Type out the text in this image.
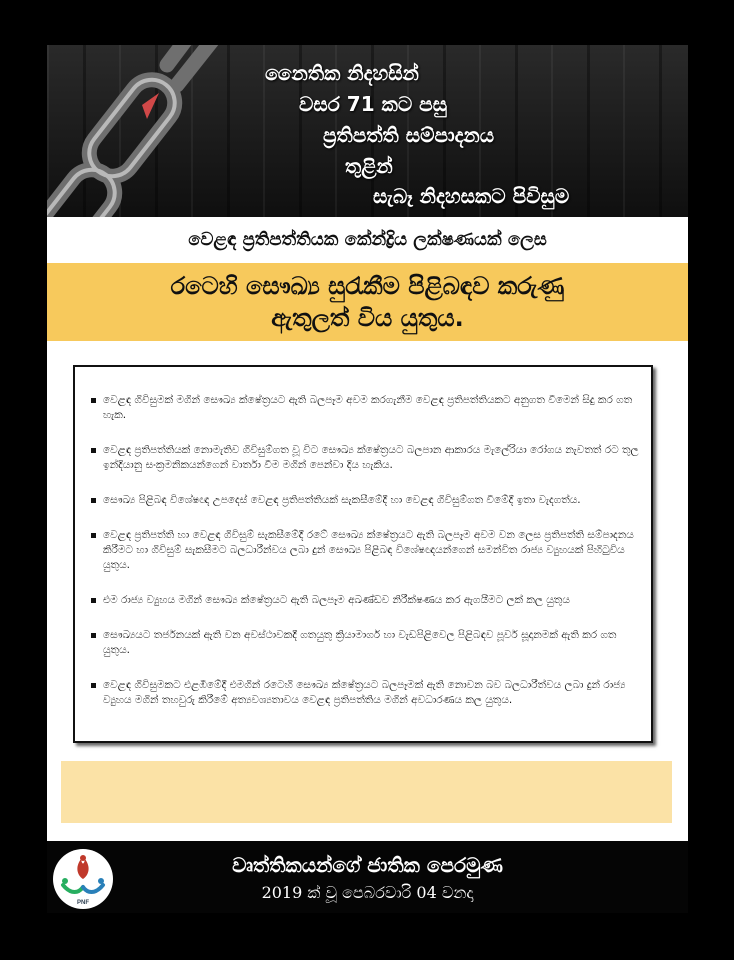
නෛතික නිදහසින්
වසර 71 කට පසු
ප්‍රතිපත්ති සම්පාදනය
තුළින්
සැබෑ නිදහසකට පිවිසුම
වෙළඳ ප්‍රතිපත්තියක කේන්ද්‍රිය ලක්ෂණයක් ලෙස
රටෙහි සෞඛ්‍ය සුරැකීම පිළිබඳව කරුණු
ඇතුලත් විය යුතුය.
වෙළඳ ගිවිසුමක් මගින් සෞඛ්‍ය ක්ෂේත්‍රයට ඇති බලපෑම අවම කරගැනීම වෙළඳ ප්‍රතිපත්තියකට අනුගත වීමෙන් සිදු කර ගත හැක.
වෙළඳ ප්‍රතිපත්තියක් නොමැතිව ගිවිසුම්ගත වූ විට සෞඛ්‍ය ක්ෂේත්‍රයට බලපාන ආකාරය මැලේරියා රෝගය නැවතත් රට තුල ඉන්දියානු සංක්‍රමනිකයන්ගෙන් වාර්තා වීම මගින් පෙන්වා දිය හැකිය.
සෞඛ්‍ය පිළිබඳ විශේෂඥ උපදෙස් වෙළඳ ප්‍රතිපත්තියක් සැකසීමේදී හා වෙළඳ ගිවිසුම්ගත වීමේදී ඉතා වැදගත්ය.
වෙළඳ ප්‍රතිපත්ති හා වෙළඳ ගිවිසුම් සැකසීමේදී රටේ සෞඛ්‍ය ක්ෂේත්‍රයට ඇති බලපෑම අවම වන ලෙස ප්‍රතිපත්ති සම්පාදනය කිරීමට හා ගිවිසුම් සැකසීමට බලධාරීන්වය ලබා දුන් සෞඛ්‍ය පිළිබඳ විශේෂඥයන්ගෙන් සමන්විත රාජ්‍ය ව්‍යුහයක් පිහිටුවිය යුතුය.
එම රාජ්‍ය ව්‍යුහය මගින් සෞඛ්‍ය ක්ෂේත්‍රයට ඇති බලපෑම අඛණ්ඩව නිරීක්ෂණය කර ඇගයීමට ලක් කල යුතුය
සෞඛ්‍යයට තර්ජනයක් ඇති වන අවස්ථාවකදී ගතයුතු ක්‍රියාමාර්ග හා වැඩපිළිවෙල පිළිබඳව පූර්ව සූදානමක් ඇති කර ගත යුතුය.
වෙළඳ ගිවිසුමකට එළඹීමේදී එමගින් රටෙහි සෞඛ්‍ය ක්ෂේත්‍රයට බලපෑමක් ඇති නොවන බව බලධාරීත්වය ලබා දුන් රාජ්‍ය ව්‍යුහය මගින් තහවුරු කිරීමේ අත්‍යවශ්‍යතාවය වෙළඳ ප්‍රතිපත්තිය මගින් අවධාරණය කල යුතුය.
PNF
වෘත්තිකයන්ගේ ජාතික පෙරමුණ
2019 ක් වූ පෙබරවාරි 04 වනදා
